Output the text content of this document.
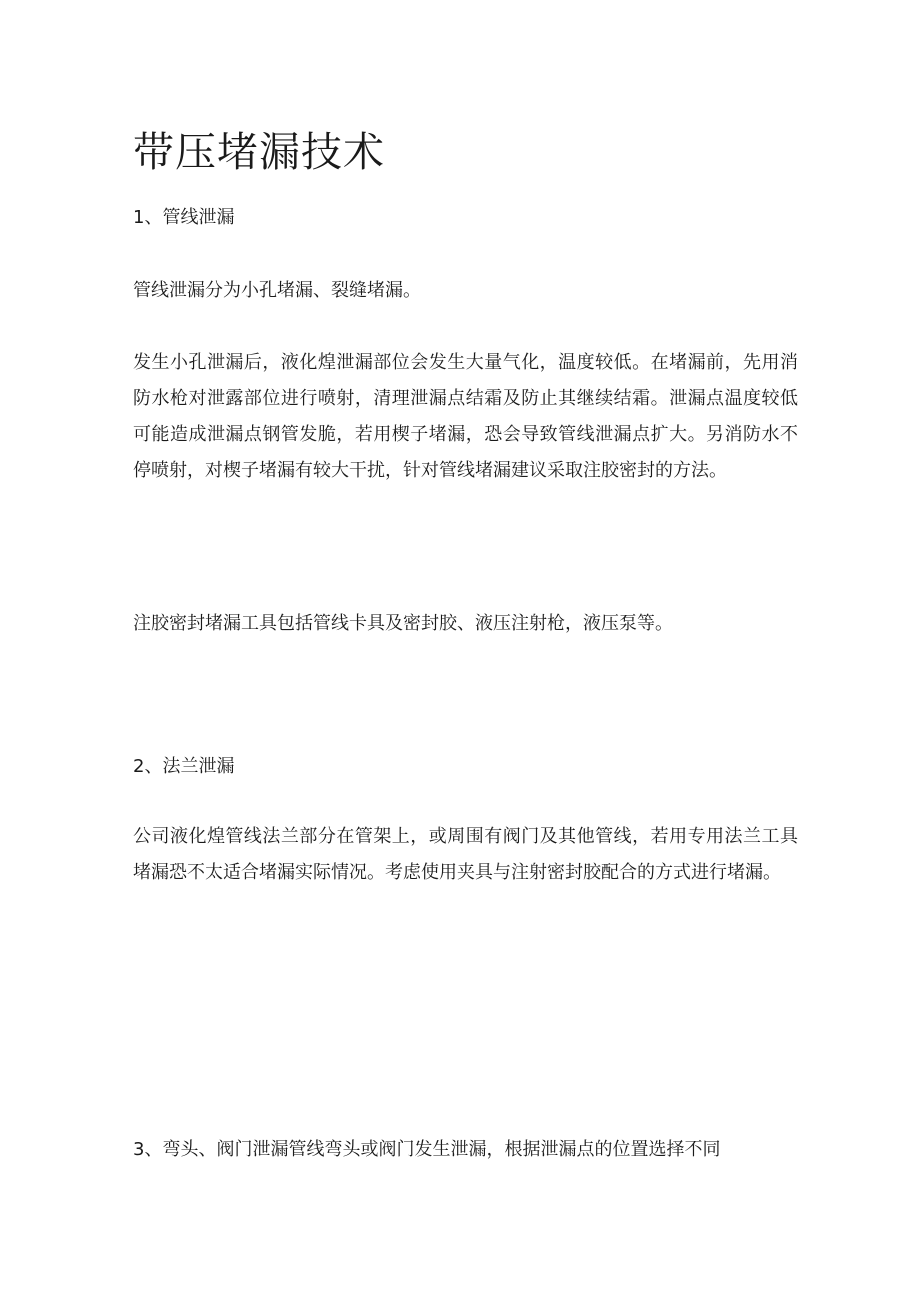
带压堵漏技术
1、管线泄漏

管线泄漏分为小孔堵漏、裂缝堵漏。

发生小孔泄漏后，液化煌泄漏部位会发生大量气化，温度较低。在堵漏前，先用消防水枪对泄露部位进行喷射，清理泄漏点结霜及防止其继续结霜。泄漏点温度较低可能造成泄漏点钢管发脆，若用楔子堵漏，恐会导致管线泄漏点扩大。另消防水不停喷射，对楔子堵漏有较大干扰，针对管线堵漏建议采取注胶密封的方法。

注胶密封堵漏工具包括管线卡具及密封胶、液压注射枪，液压泵等。

2、法兰泄漏

公司液化煌管线法兰部分在管架上，或周围有阀门及其他管线，若用专用法兰工具堵漏恐不太适合堵漏实际情况。考虑使用夹具与注射密封胶配合的方式进行堵漏。

3、弯头、阀门泄漏管线弯头或阀门发生泄漏，根据泄漏点的位置选择不同
